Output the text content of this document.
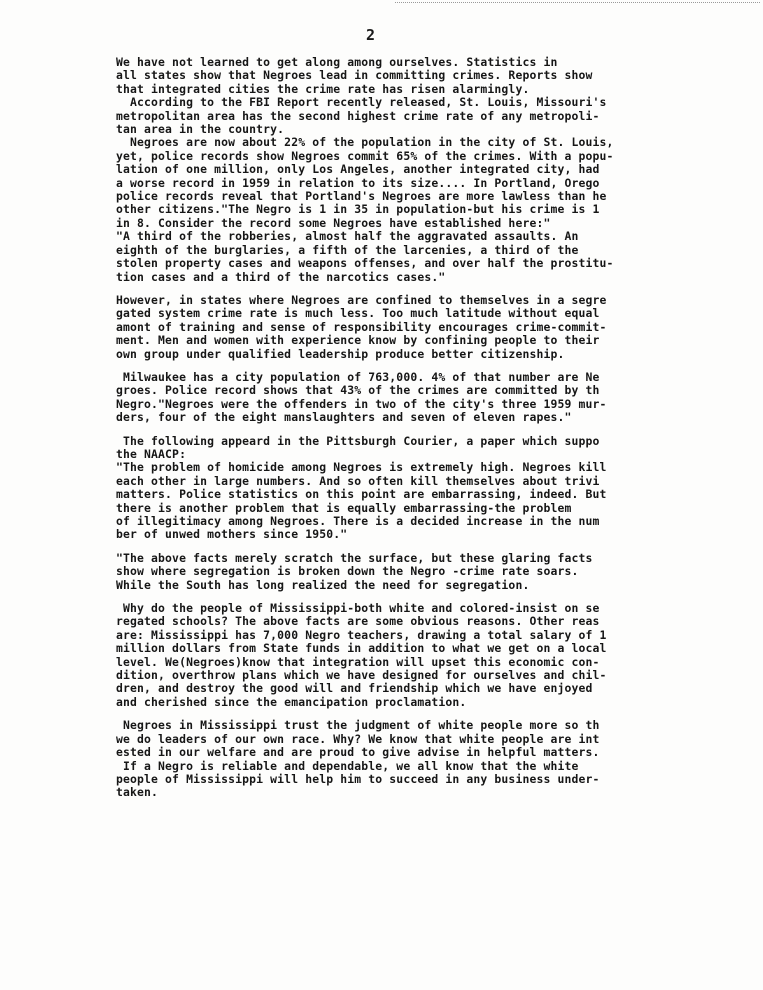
2
We have not learned to get along among ourselves. Statistics in
all states show that Negroes lead in committing crimes. Reports show
that integrated cities the crime rate has risen alarmingly.
According to the FBI Report recently released, St. Louis, Missouri's
metropolitan area has the second highest crime rate of any metropoli-
tan area in the country.
Negroes are now about 22% of the population in the city of St. Louis,
yet, police records show Negroes commit 65% of the crimes. With a popu-
lation of one million, only Los Angeles, another integrated city, had
a worse record in 1959 in relation to its size.... In Portland, Orego
police records reveal that Portland's Negroes are more lawless than he
other citizens."The Negro is 1 in 35 in population-but his crime is 1
in 8. Consider the record some Negroes have established here:"
"A third of the robberies, almost half the aggravated assaults. An
eighth of the burglaries, a fifth of the larcenies, a third of the
stolen property cases and weapons offenses, and over half the prostitu-
tion cases and a third of the narcotics cases."
However, in states where Negroes are confined to themselves in a segre
gated system crime rate is much less. Too much latitude without equal
amont of training and sense of responsibility encourages crime-commit-
ment. Men and women with experience know by confining people to their
own group under qualified leadership produce better citizenship.
Milwaukee has a city population of 763,000. 4% of that number are Ne
groes. Police record shows that 43% of the crimes are committed by th
Negro."Negroes were the offenders in two of the city's three 1959 mur-
ders, four of the eight manslaughters and seven of eleven rapes."
The following appeard in the Pittsburgh Courier, a paper which suppo
the NAACP:
"The problem of homicide among Negroes is extremely high. Negroes kill
each other in large numbers. And so often kill themselves about trivi
matters. Police statistics on this point are embarrassing, indeed. But
there is another problem that is equally embarrassing-the problem
of illegitimacy among Negroes. There is a decided increase in the num
ber of unwed mothers since 1950."
"The above facts merely scratch the surface, but these glaring facts
show where segregation is broken down the Negro -crime rate soars.
While the South has long realized the need for segregation.
Why do the people of Mississippi-both white and colored-insist on se
regated schools? The above facts are some obvious reasons. Other reas
are: Mississippi has 7,000 Negro teachers, drawing a total salary of 1
million dollars from State funds in addition to what we get on a local
level. We(Negroes)know that integration will upset this economic con-
dition, overthrow plans which we have designed for ourselves and chil-
dren, and destroy the good will and friendship which we have enjoyed
and cherished since the emancipation proclamation.
Negroes in Mississippi trust the judgment of white people more so th
we do leaders of our own race. Why? We know that white people are int
ested in our welfare and are proud to give advise in helpful matters.
If a Negro is reliable and dependable, we all know that the white
people of Mississippi will help him to succeed in any business under-
taken.
